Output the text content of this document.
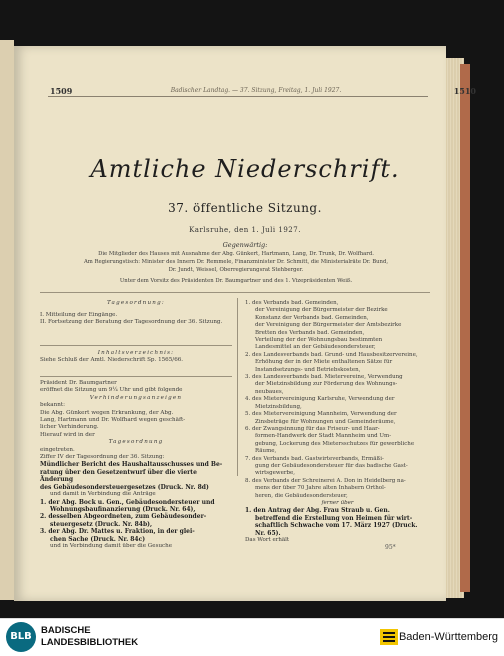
1509	Badischer Landtag. — 37. Sitzung, Freitag, 1. Juli 1927.	1510
Amtliche Niederschrift.
37. öffentliche Sitzung.
Karlsruhe, den 1. Juli 1927.
Gegenwärtig:
Die Mitglieder des Hauses mit Ausnahme der Abg. Günkert, Hartmann, Lang, Dr. Trunk, Dr. Wolfhard.
Am Regierungstisch: Minister des Innern Dr. Remmele, Finanzminister Dr. Schmitt, die Ministerialräte Dr. Bund,
Dr. Jundt, Weissel, Oberregierungsrat Stehberger.
Unter dem Vorsitz des Präsidenten Dr. Baumgartner und des 1. Vizepräsidenten Weiß.
Tagesordnung:
I. Mitteilung der Eingänge.
II. Fortsetzung der Beratung der Tagesordnung der 36. Sitzung.
Inhaltsverzeichnis:
Siehe Schluß der Amtl. Niederschrift Sp. 1565/66.
Präsident Dr. Baumgartner
eröffnet die Sitzung um 9¼ Uhr und gibt folgende
Verhinderungsanzeigen
bekannt:
Die Abg. Günkert wegen Erkrankung, der Abg.
Lang, Hartmann und Dr. Wolfhard wegen geschäft-
licher Verhinderung.
Hierauf wird in der
Tagesordnung
eingetreten.
Ziffer IV der Tagesordnung der 36. Sitzung:
Mündlicher Bericht des Haushaltausschusses und Be-
ratung über den Gesetzentwurf über die vierte Änderung
des Gebäudesondersteuergesetzes (Druck. Nr. 8d)
und damit in Verbindung die Anträge
1. der Abg. Bock u. Gen., Gebäudesondersteuer und
Wohnungsbaufinanzierung (Druck. Nr. 64),
2. desselben Abgeordneten, zum Gebäudesonder-
steuergesetz (Druck. Nr. 84b),
3. der Abg. Dr. Mattes u. Fraktion, in der glei-
chen Sache (Druck. Nr. 84c)
und in Verbindung damit über die Gesuche
1. des Verbands bad. Gemeinden,
der Vereinigung der Bürgermeister der Bezirke
Konstanz der Verbands bad. Gemeinden,
der Vereinigung der Bürgermeister der Amtsbezirke
Bretten des Verbands bad. Gemeinden,
Verteilung der der Wohnungsbau bestimmten
Landesmittel an der Gebäudesondersteuer,
2. des Landesverbands bad. Grund- und Hausbesitzervereine,
Erhöhung der in der Miete enthaltenen Sätze für
Instandsetzungs- und Betriebskosten,
3. des Landesverbands bad. Mietervereine, Verwendung
der Mietzinsbildung zur Förderung des Wohnungs-
neubaues,
4. des Mietervereinigung Karlsruhe, Verwendung der
Mietzinsbildung,
5. des Mietervereinigung Mannheim, Verwendung der
Zinsbeträge für Wohnungen und Gemeinderäume,
6. der Zwangsinnung für das Friseur- und Haar-
formen-Handwerk der Stadt Mannheim und Um-
gebung, Lockerung des Mietersschutzes für gewerbliche
Räume,
7. des Verbands bad. Gastwirteverbands, Ermäßi-
gung der Gebäudesondersteuer für das badische Gast-
wirtsgewerbe,
8. des Verbands der Schreinerei A. Don in Heidelberg na-
mens der über 70 Jahre alten Inhabern Orthol-
heren, die Gebäudesondersteuer,
ferner über
1. den Antrag der Abg. Frau Straub u. Gen.
betreffend die Erstellung von Heimen für wirt-
schaftlich Schwache vom 17. März 1927 (Druck.
Nr. 65).
Das Wort erhält
95*
BLB
BADISCHE
LANDESBIBLIOTHEK	Baden-Württemberg
